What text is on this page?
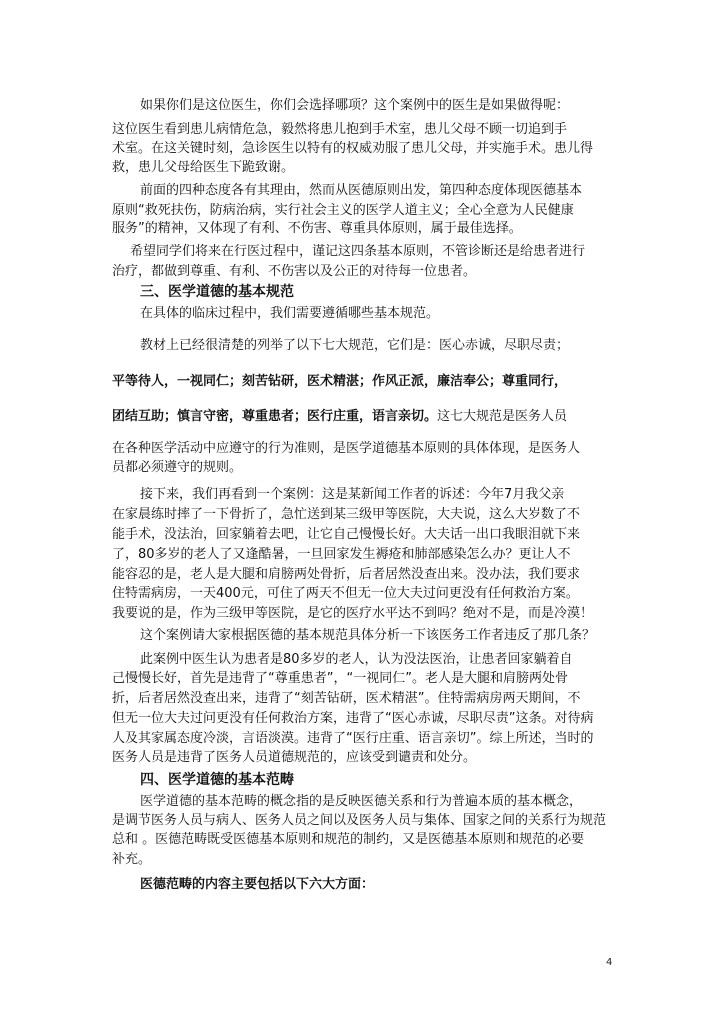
如果你们是这位医生，你们会选择哪项？这个案例中的医生是如果做得呢：
这位医生看到患儿病情危急，毅然将患儿抱到手术室，患儿父母不顾一切追到手
术室。在这关键时刻，急诊医生以特有的权威劝服了患儿父母，并实施手术。患儿得
救，患儿父母给医生下跪致谢。
前面的四种态度各有其理由，然而从医德原则出发，第四种态度体现医德基本
原则“救死扶伤，防病治病，实行社会主义的医学人道主义；全心全意为人民健康
服务”的精神，又体现了有利、不伤害、尊重具体原则，属于最佳选择。
希望同学们将来在行医过程中，谨记这四条基本原则，不管诊断还是给患者进行
治疗，都做到尊重、有利、不伤害以及公正的对待每一位患者。
三、医学道德的基本规范
在具体的临床过程中，我们需要遵循哪些基本规范。
教材上已经很清楚的列举了以下七大规范，它们是：医心赤诚，尽职尽责；
平等待人，一视同仁；刻苦钻研，医术精湛；作风正派，廉洁奉公；尊重同行，
团结互助；慎言守密，尊重患者；医行庄重，语言亲切。这七大规范是医务人员
在各种医学活动中应遵守的行为准则，是医学道德基本原则的具体体现，是医务人
员都必须遵守的规则。
接下来，我们再看到一个案例：这是某新闻工作者的诉述：今年7月我父亲
在家晨练时摔了一下骨折了，急忙送到某三级甲等医院，大夫说，这么大岁数了不
能手术，没法治，回家躺着去吧，让它自己慢慢长好。大夫话一出口我眼泪就下来
了，80多岁的老人了又逢酷暑，一旦回家发生褥疮和肺部感染怎么办？更让人不
能容忍的是，老人是大腿和肩膀两处骨折，后者居然没查出来。没办法，我们要求
住特需病房，一天400元，可住了两天不但无一位大夫过问更没有任何救治方案。
我要说的是，作为三级甲等医院，是它的医疗水平达不到吗？绝对不是，而是冷漠！
这个案例请大家根据医德的基本规范具体分析一下该医务工作者违反了那几条？
此案例中医生认为患者是80多岁的老人，认为没法医治，让患者回家躺着自
己慢慢长好，首先是违背了“尊重患者”，“一视同仁”。老人是大腿和肩膀两处骨
折，后者居然没查出来，违背了“刻苦钻研，医术精湛”。住特需病房两天期间，不
但无一位大夫过问更没有任何救治方案，违背了“医心赤诚，尽职尽责”这条。对待病
人及其家属态度冷淡，言语淡漠。违背了“医行庄重、语言亲切”。综上所述，当时的
医务人员是违背了医务人员道德规范的，应该受到谴责和处分。
四、医学道德的基本范畴
医学道德的基本范畴的概念指的是反映医德关系和行为普遍本质的基本概念，
是调节医务人员与病人、医务人员之间以及医务人员与集体、国家之间的关系行为规范
总和 。医德范畴既受医德基本原则和规范的制约，又是医德基本原则和规范的必要
补充。
医德范畴的内容主要包括以下六大方面：
4
